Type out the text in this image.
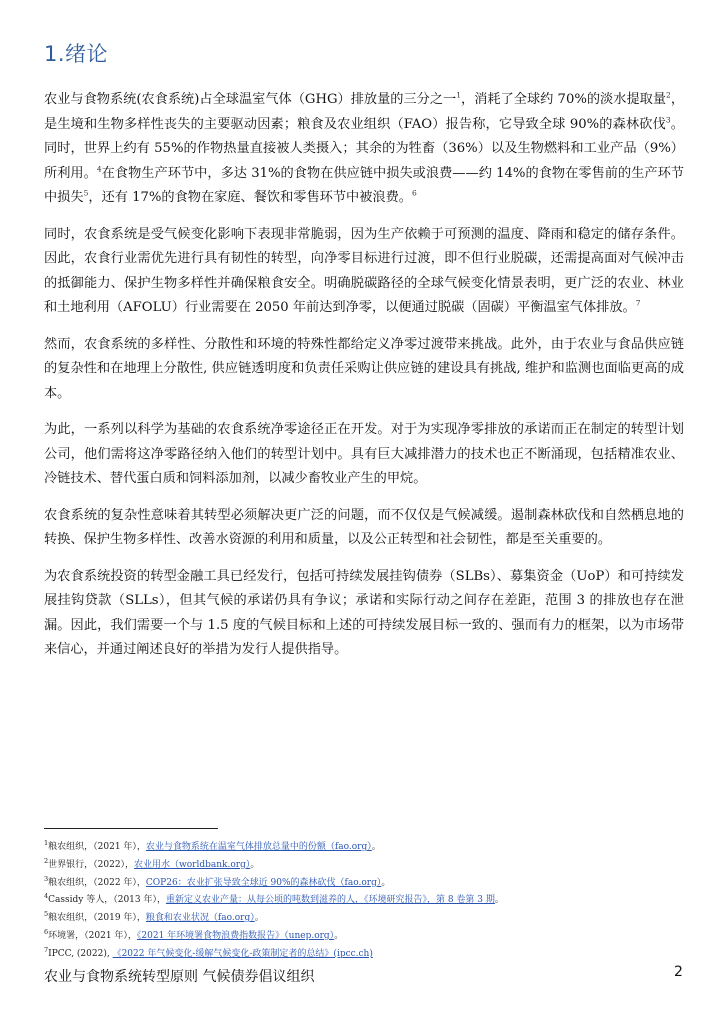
1.绪论

农业与食物系统(农食系统)占全球温室气体（GHG）排放量的三分之一$^1$，消耗了全球约 70%的淡水提取量$^2$，是生境和生物多样性丧失的主要驱动因素；粮食及农业组织（FAO）报告称，它导致全球 90%的森林砍伐$^3$。同时，世界上约有 55%的作物热量直接被人类摄入；其余的为牲畜（36%）以及生物燃料和工业产品（9%）所利用。$^4$在食物生产环节中，多达 31%的食物在供应链中损失或浪费——约 14%的食物在零售前的生产环节中损失$^5$，还有 17%的食物在家庭、餐饮和零售环节中被浪费。$^6$

同时，农食系统是受气候变化影响下表现非常脆弱，因为生产依赖于可预测的温度、降雨和稳定的储存条件。因此，农食行业需优先进行具有韧性的转型，向净零目标进行过渡，即不但行业脱碳，还需提高面对气候冲击的抵御能力、保护生物多样性并确保粮食安全。明确脱碳路径的全球气候变化情景表明，更广泛的农业、林业和土地利用（AFOLU）行业需要在 2050 年前达到净零，以便通过脱碳（固碳）平衡温室气体排放。$^7$

然而，农食系统的多样性、分散性和环境的特殊性都给定义净零过渡带来挑战。此外，由于农业与食品供应链的复杂性和在地理上分散性, 供应链透明度和负责任采购让供应链的建设具有挑战, 维护和监测也面临更高的成本。

为此，一系列以科学为基础的农食系统净零途径正在开发。对于为实现净零排放的承诺而正在制定的转型计划公司，他们需将这净零路径纳入他们的转型计划中。具有巨大减排潜力的技术也正不断涌现，包括精准农业、冷链技术、替代蛋白质和饲料添加剂，以减少畜牧业产生的甲烷。

农食系统的复杂性意味着其转型必须解决更广泛的问题，而不仅仅是气候减缓。遏制森林砍伐和自然栖息地的转换、保护生物多样性、改善水资源的利用和质量，以及公正转型和社会韧性，都是至关重要的。

为农食系统投资的转型金融工具已经发行，包括可持续发展挂钩债券（SLBs）、募集资金（UoP）和可持续发展挂钩贷款（SLLs），但其气候的承诺仍具有争议；承诺和实际行动之间存在差距，范围 3 的排放也存在泄漏。因此，我们需要一个与 1.5 度的气候目标和上述的可持续发展目标一致的、强而有力的框架，以为市场带来信心，并通过阐述良好的举措为发行人提供指导。

$^1$粮农组织，（2021 年），农业与食物系统在温室气体排放总量中的份额（fao.org）。
$^2$世界银行，（2022），农业用水（worldbank.org）。
$^3$粮农组织，（2022 年），COP26：农业扩张导致全球近 90%的森林砍伐（fao.org）。
$^4$Cassidy 等人，（2013 年），重新定义农业产量：从每公顷的吨数到滋养的人，《环境研究报告》，第 8 卷第 3 期。
$^5$粮农组织，（2019 年），粮食和农业状况（fao.org）。
$^6$环境署，（2021 年），《2021 年环境署食物浪费指数报告》（unep.org）。
$^7$IPCC, (2022), 《2022 年气候变化-缓解气候变化-政策制定者的总结》(ipcc.ch)
农业与食物系统转型原则 气候债券倡议组织	2
